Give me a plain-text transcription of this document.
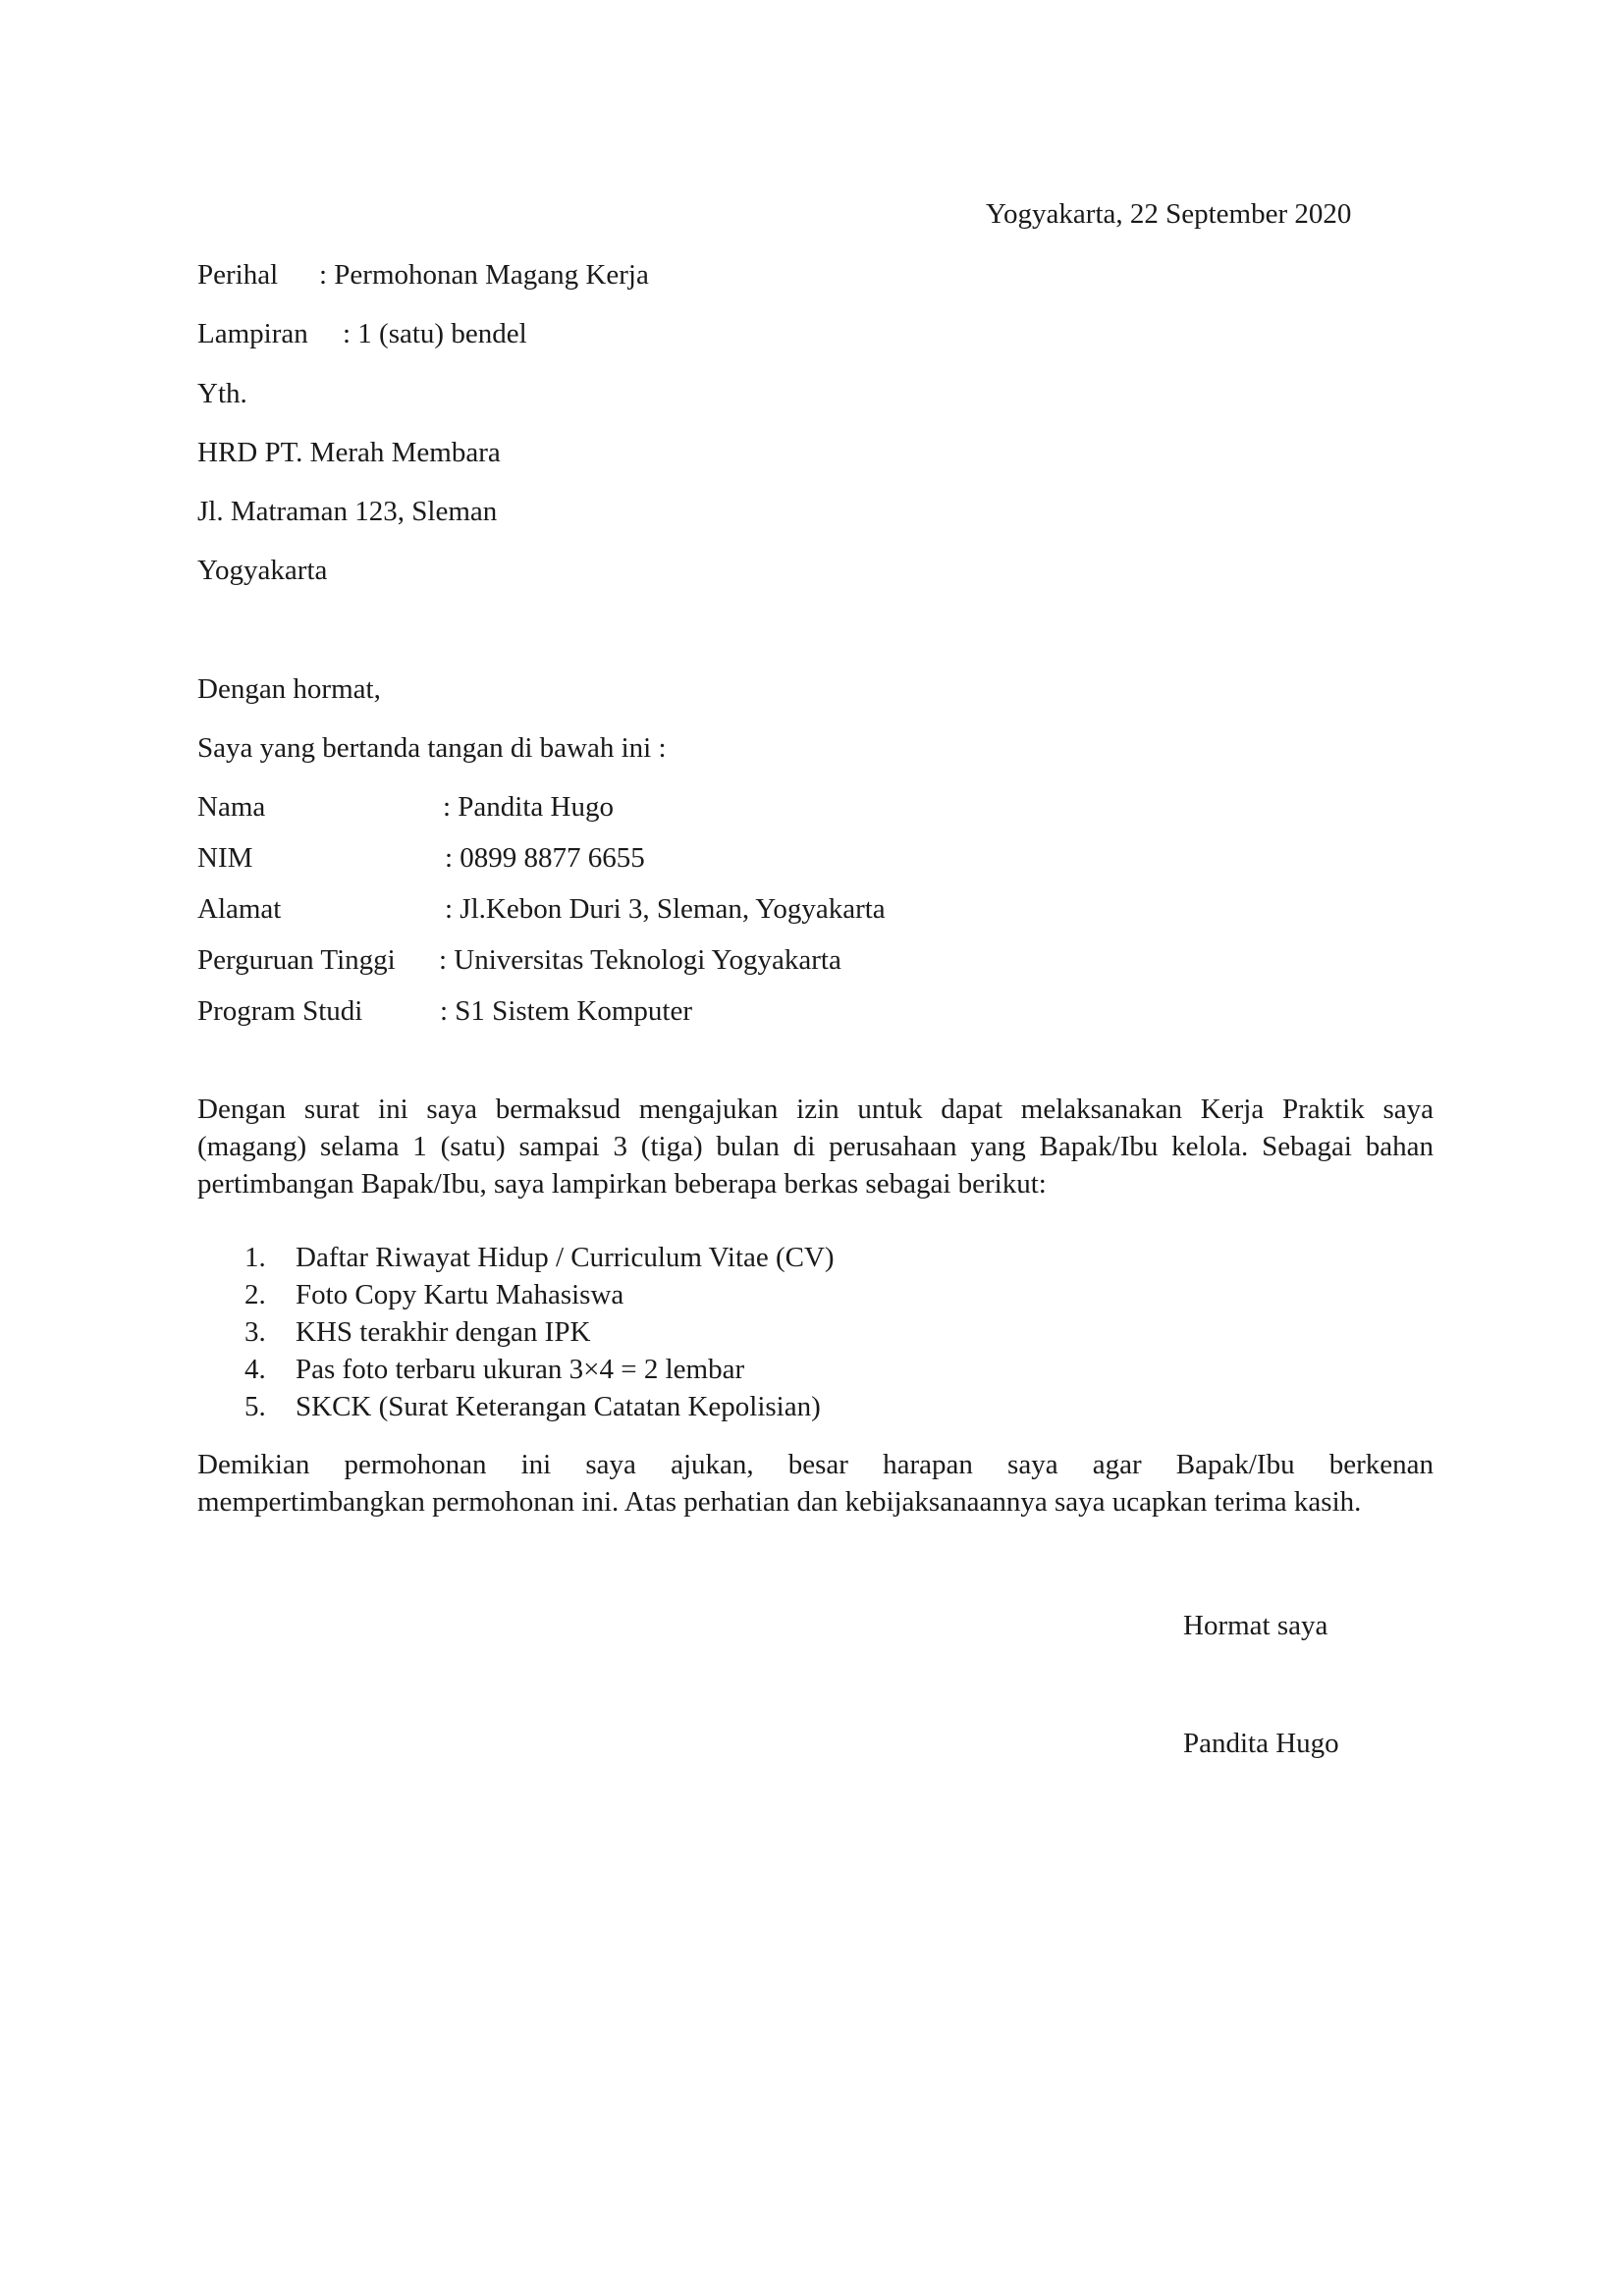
Yogyakarta, 22 September 2020
Perihal : Permohonan Magang Kerja
Lampiran : 1 (satu) bendel
Yth.
HRD PT. Merah Membara
Jl. Matraman 123, Sleman
Yogyakarta
Dengan hormat,
Saya yang bertanda tangan di bawah ini :
Nama	: Pandita Hugo
NIM	: 0899 8877 6655
Alamat	: Jl.Kebon Duri 3, Sleman, Yogyakarta
Perguruan Tinggi : Universitas Teknologi Yogyakarta
Program Studi	: S1 Sistem Komputer
Dengan surat ini saya bermaksud mengajukan izin untuk dapat melaksanakan Kerja Praktik saya
(magang) selama 1 (satu) sampai 3 (tiga) bulan di perusahaan yang Bapak/Ibu kelola. Sebagai bahan
pertimbangan Bapak/Ibu, saya lampirkan beberapa berkas sebagai berikut:
1. Daftar Riwayat Hidup / Curriculum Vitae (CV)
2. Foto Copy Kartu Mahasiswa
3. KHS terakhir dengan IPK
4. Pas foto terbaru ukuran 3×4 = 2 lembar
5. SKCK (Surat Keterangan Catatan Kepolisian)
Demikian permohonan ini saya ajukan, besar harapan saya agar Bapak/Ibu berkenan
mempertimbangkan permohonan ini. Atas perhatian dan kebijaksanaannya saya ucapkan terima kasih.
Hormat saya
Pandita Hugo
